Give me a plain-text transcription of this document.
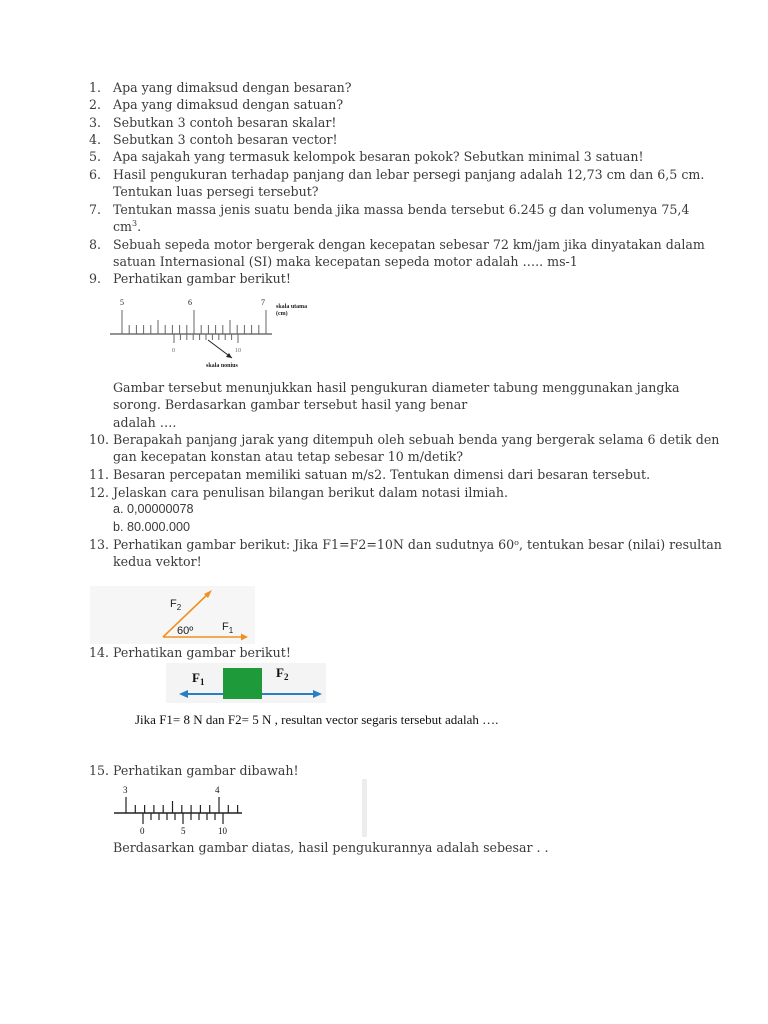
1. Apa yang dimaksud dengan besaran?
2. Apa yang dimaksud dengan satuan?
3. Sebutkan 3 contoh besaran skalar!
4. Sebutkan 3 contoh besaran vector!
5. Apa sajakah yang termasuk kelompok besaran pokok? Sebutkan minimal 3 satuan!
6. Hasil pengukuran terhadap panjang dan lebar persegi panjang adalah 12,73 cm dan 6,5 cm.
Tentukan luas persegi tersebut?
7. Tentukan massa jenis suatu benda jika massa benda tersebut 6.245 g dan volumenya 75,4
$cm^3$.
8. Sebuah sepeda motor bergerak dengan kecepatan sebesar 72 km/jam jika dinyatakan dalam
satuan Internasional (SI) maka kecepatan sepeda motor adalah ….. ms-1
9. Perhatikan gambar berikut!
5	6	7
0	10
skala utama
(cm)
skala nonius
Gambar tersebut menunjukkan hasil pengukuran diameter tabung menggunakan jangka
sorong. Berdasarkan gambar tersebut hasil yang benar
adalah ….
10. Berapakah panjang jarak yang ditempuh oleh sebuah benda yang bergerak selama 6 detik den
gan kecepatan konstan atau tetap sebesar 10 m/detik?
11. Besaran percepatan memiliki satuan m/s2. Tentukan dimensi dari besaran tersebut.
12. Jelaskan cara penulisan bilangan berikut dalam notasi ilmiah.
a. 0,00000078
b. 80.000.000
13. Perhatikan gambar berikut: Jika F1=F2=10N dan sudutnya 60ᵒ, tentukan besar (nilai) resultan
kedua vektor!
$F_2$
$F_1$
60º
14. Perhatikan gambar berikut!
$F_1$
$F_2$
Jika F1= 8 N dan F2= 5 N , resultan vector segaris tersebut adalah ….
15. Perhatikan gambar dibawah!
3	4
0	5	10
Berdasarkan gambar diatas, hasil pengukurannya adalah sebesar . .
